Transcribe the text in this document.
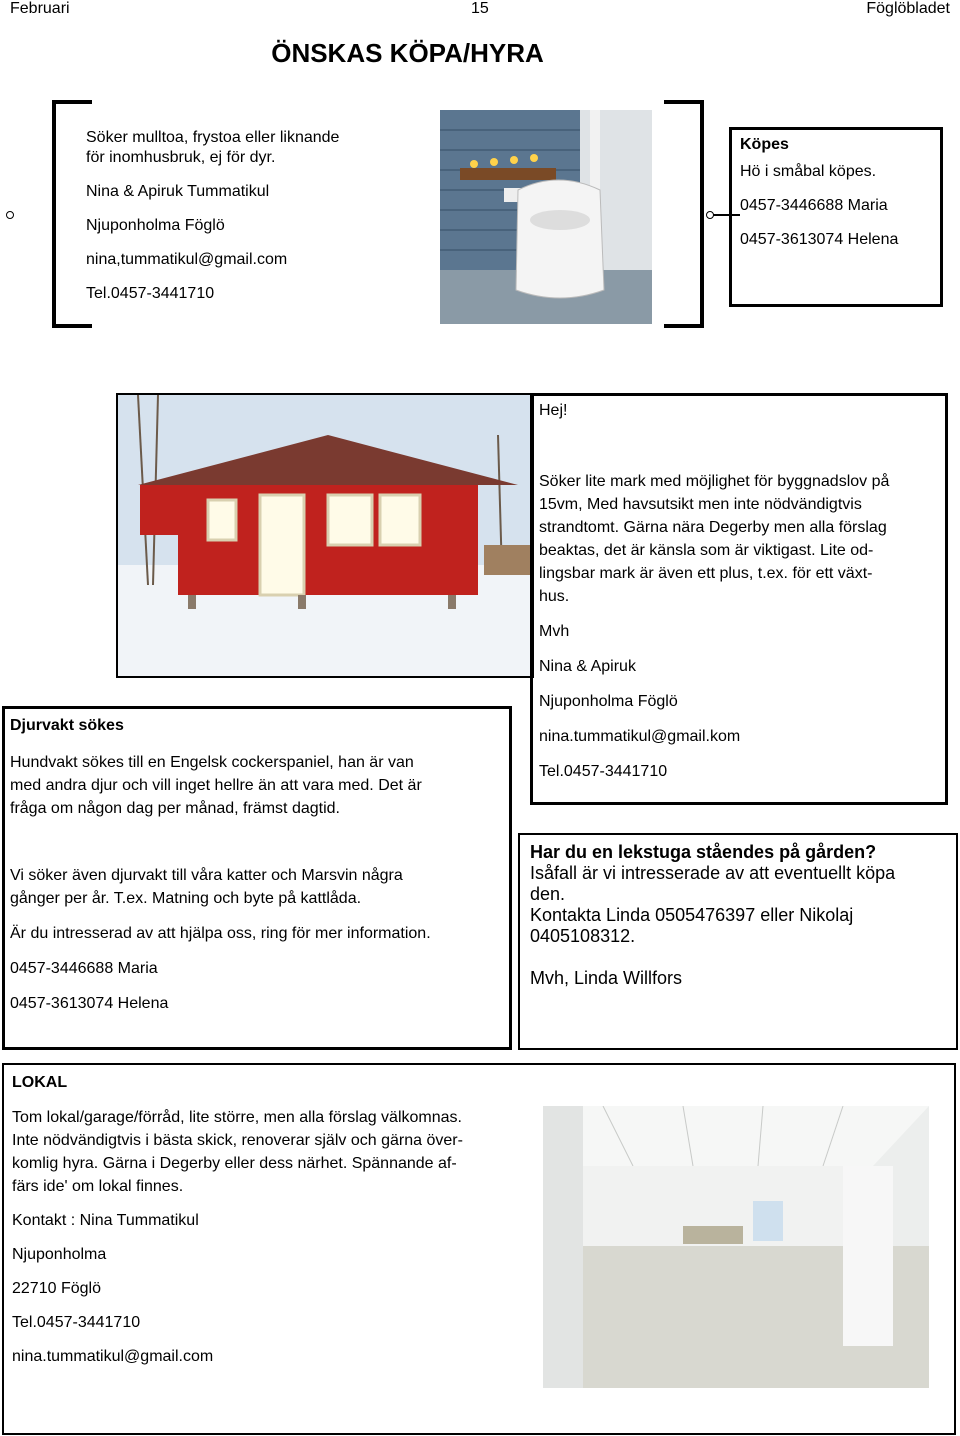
Februari	15	Föglöbladet
ÖNSKAS KÖPA/HYRA

Söker mulltoa, frystoa eller liknande

för inomhusbruk, ej för dyr.

Nina & Apiruk Tummatikul

Njuponholma Föglö

nina,tummatikul@gmail.com

Tel.0457-3441710

Köpes

Hö i småbal köpes.

0457-3446688 Maria

0457-3613074 Helena

Hej!

Söker lite mark med möjlighet för byggnadslov på

15vm, Med havsutsikt men inte nödvändigtvis

strandtomt. Gärna nära Degerby men alla förslag

beaktas, det är känsla som är viktigast. Lite od-

lingsbar mark är även ett plus, t.ex. för ett växt-

hus.

Mvh

Nina & Apiruk

Njuponholma Föglö

nina.tummatikul@gmail.kom

Tel.0457-3441710

Djurvakt sökes

Hundvakt sökes till en Engelsk cockerspaniel, han är van

med andra djur och vill inget hellre än att vara med. Det är

fråga om någon dag per månad, främst dagtid.

Vi söker även djurvakt till våra katter och Marsvin några

gånger per år. T.ex. Matning och byte på kattlåda.

Är du intresserad av att hjälpa oss, ring för mer information.

0457-3446688 Maria

0457-3613074 Helena

Har du en lekstuga ståendes på gården?

Isåfall är vi intresserade av att eventuellt köpa

den.

Kontakta Linda 0505476397 eller Nikolaj

0405108312.

Mvh, Linda Willfors

LOKAL

Tom lokal/garage/förråd, lite större, men alla förslag välkomnas.

Inte nödvändigtvis i bästa skick, renoverar själv och gärna över-

komlig hyra. Gärna i Degerby eller dess närhet. Spännande af-

färs ide' om lokal finnes.

Kontakt : Nina Tummatikul

Njuponholma

22710 Föglö

Tel.0457-3441710

nina.tummatikul@gmail.com
